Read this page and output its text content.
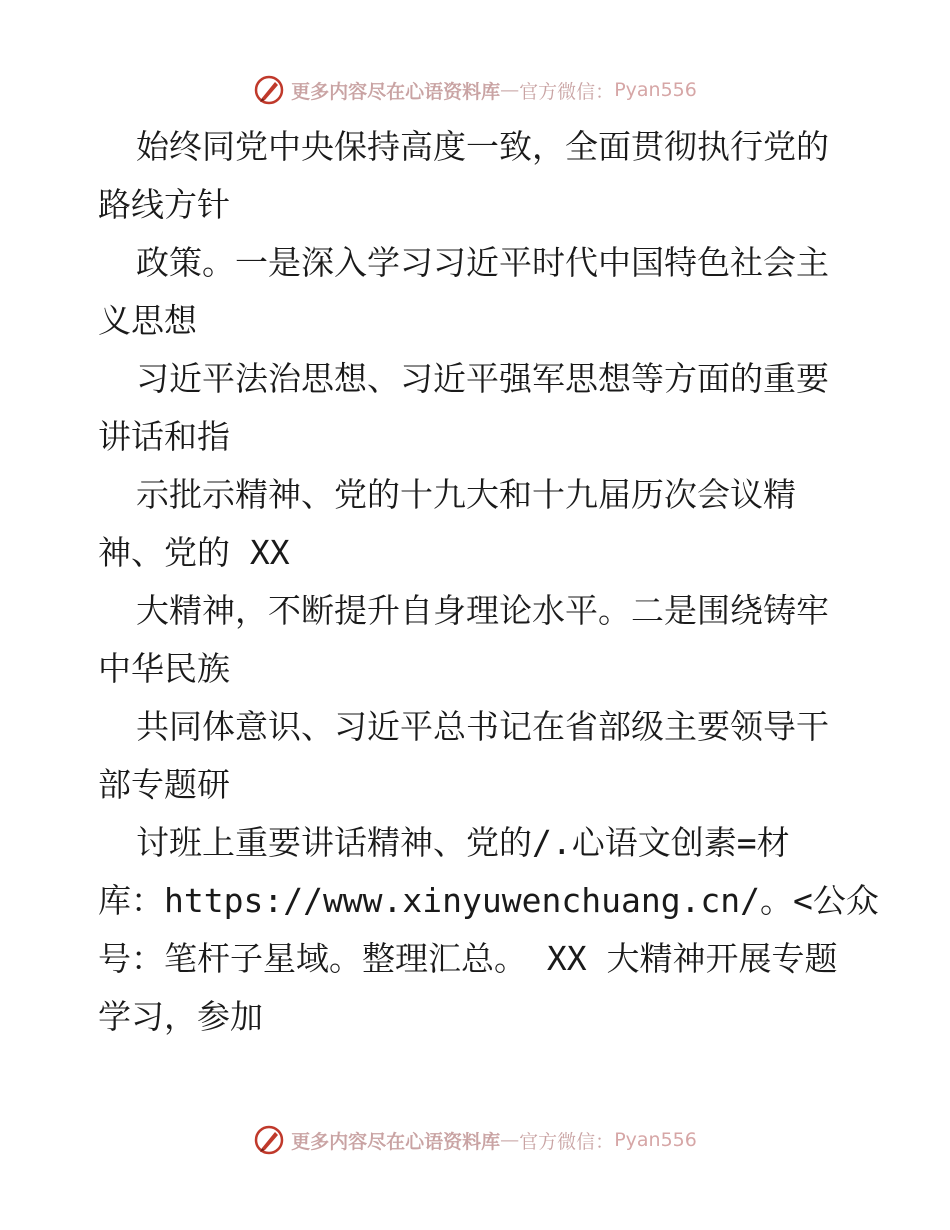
更多内容尽在心语资料库 — 官方微信： Pyan556
始终同党中央保持高度一致，全面贯彻执行党的
路线方针
政策。一是深入学习习近平时代中国特色社会主
义思想
习近平法治思想、习近平强军思想等方面的重要
讲话和指
示批示精神、党的十九大和十九届历次会议精
神、党的 XX
大精神，不断提升自身理论水平。二是围绕铸牢
中华民族
共同体意识、习近平总书记在省部级主要领导干
部专题研
讨班上重要讲话精神、党的/.心语文创素=材
库：https://www.xinyuwenchuang.cn/。<公众
号：笔杆子星域。整理汇总。 XX 大精神开展专题
学习，参加
更多内容尽在心语资料库 — 官方微信： Pyan556
